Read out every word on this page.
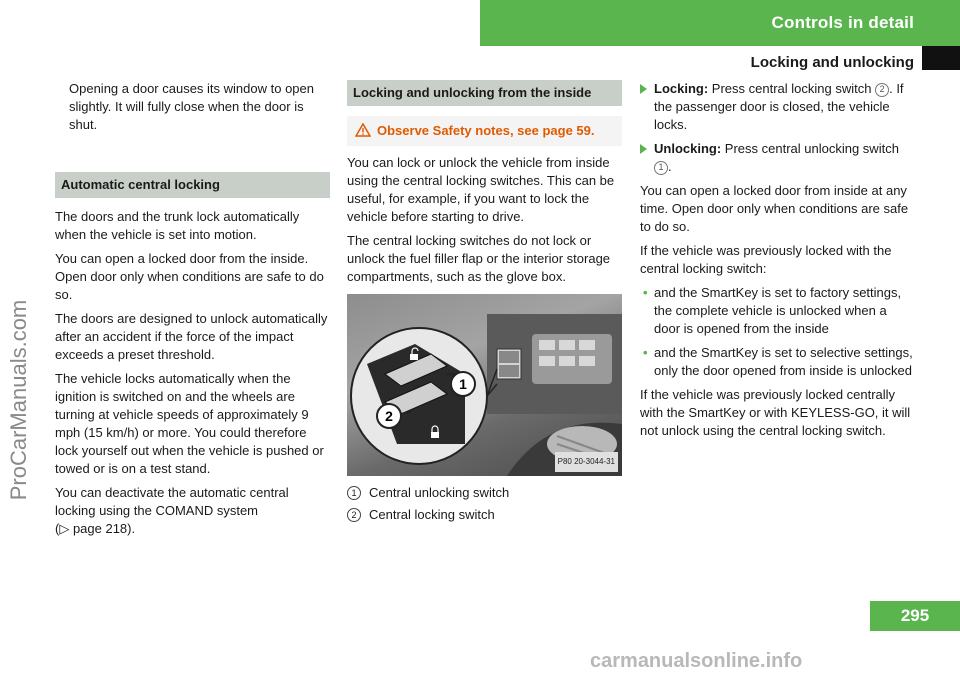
Controls in detail
Locking and unlocking
ProCarManuals.com

Opening a door causes its window to open slightly. It will fully close when the door is shut.

Automatic central locking

The doors and the trunk lock automatically when the vehicle is set into motion.

You can open a locked door from the inside. Open door only when conditions are safe to do so.

The doors are designed to unlock automatically after an accident if the force of the impact exceeds a preset threshold.

The vehicle locks automatically when the ignition is switched on and the wheels are turning at vehicle speeds of approximately 9 mph (15 km/h) or more. You could therefore lock yourself out when the vehicle is pushed or towed or is on a test stand.

You can deactivate the automatic central locking using the COMAND system
(▷ page 218).

Locking and unlocking from the inside
Observe Safety notes, see page 59.

You can lock or unlock the vehicle from inside using the central locking switches. This can be useful, for example, if you want to lock the vehicle before starting to drive.

The central locking switches do not lock or unlock the fuel filler flap or the interior storage compartments, such as the glove box.

1
2
P80 20-3044-31
1 Central unlocking switch
2 Central locking switch
Locking: Press central locking switch 2 . If the passenger door is closed, the vehicle locks.
Unlocking: Press central unlocking switch 1 .

You can open a locked door from inside at any time. Open door only when conditions are safe to do so.

If the vehicle was previously locked with the central locking switch:

• and the SmartKey is set to factory settings, the complete vehicle is unlocked when a door is opened from the inside
• and the SmartKey is set to selective settings, only the door opened from inside is unlocked

If the vehicle was previously locked centrally with the SmartKey or with KEYLESS-GO, it will not unlock using the central locking switch.

295
carmanualsonline.info
